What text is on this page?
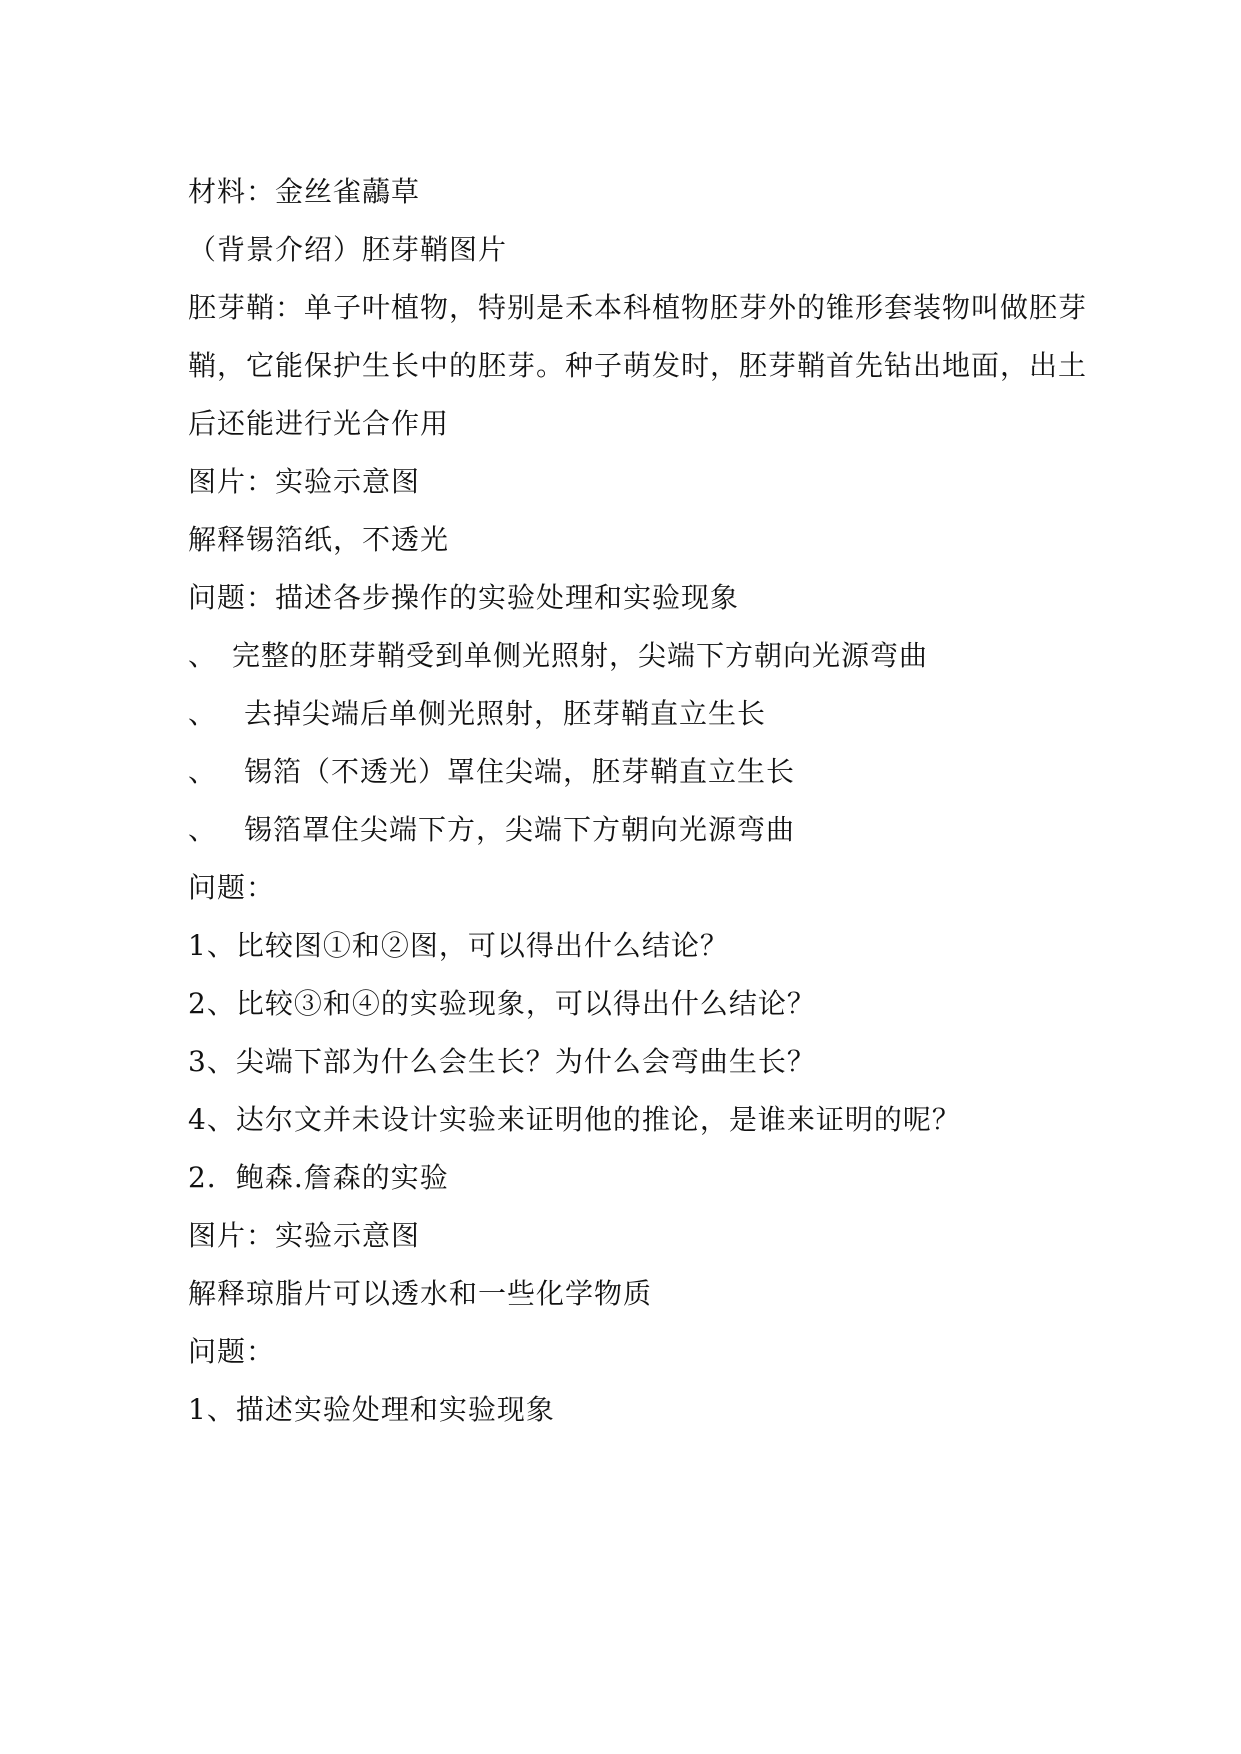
材料：金丝雀虉草
（背景介绍）胚芽鞘图片
胚芽鞘：单子叶植物，特别是禾本科植物胚芽外的锥形套装物叫做胚芽
鞘，它能保护生长中的胚芽。种子萌发时，胚芽鞘首先钻出地面，出土
后还能进行光合作用
图片：实验示意图
解释锡箔纸，不透光
问题：描述各步操作的实验处理和实验现象
、 完整的胚芽鞘受到单侧光照射，尖端下方朝向光源弯曲
、 去掉尖端后单侧光照射，胚芽鞘直立生长
、 锡箔（不透光）罩住尖端，胚芽鞘直立生长
、 锡箔罩住尖端下方，尖端下方朝向光源弯曲
问题：
1、比较图①和②图，可以得出什么结论？
2、比较③和④的实验现象，可以得出什么结论？
3、尖端下部为什么会生长？为什么会弯曲生长？
4、达尔文并未设计实验来证明他的推论，是谁来证明的呢？
2．鲍森.詹森的实验
图片：实验示意图
解释琼脂片可以透水和一些化学物质
问题：
1、描述实验处理和实验现象
